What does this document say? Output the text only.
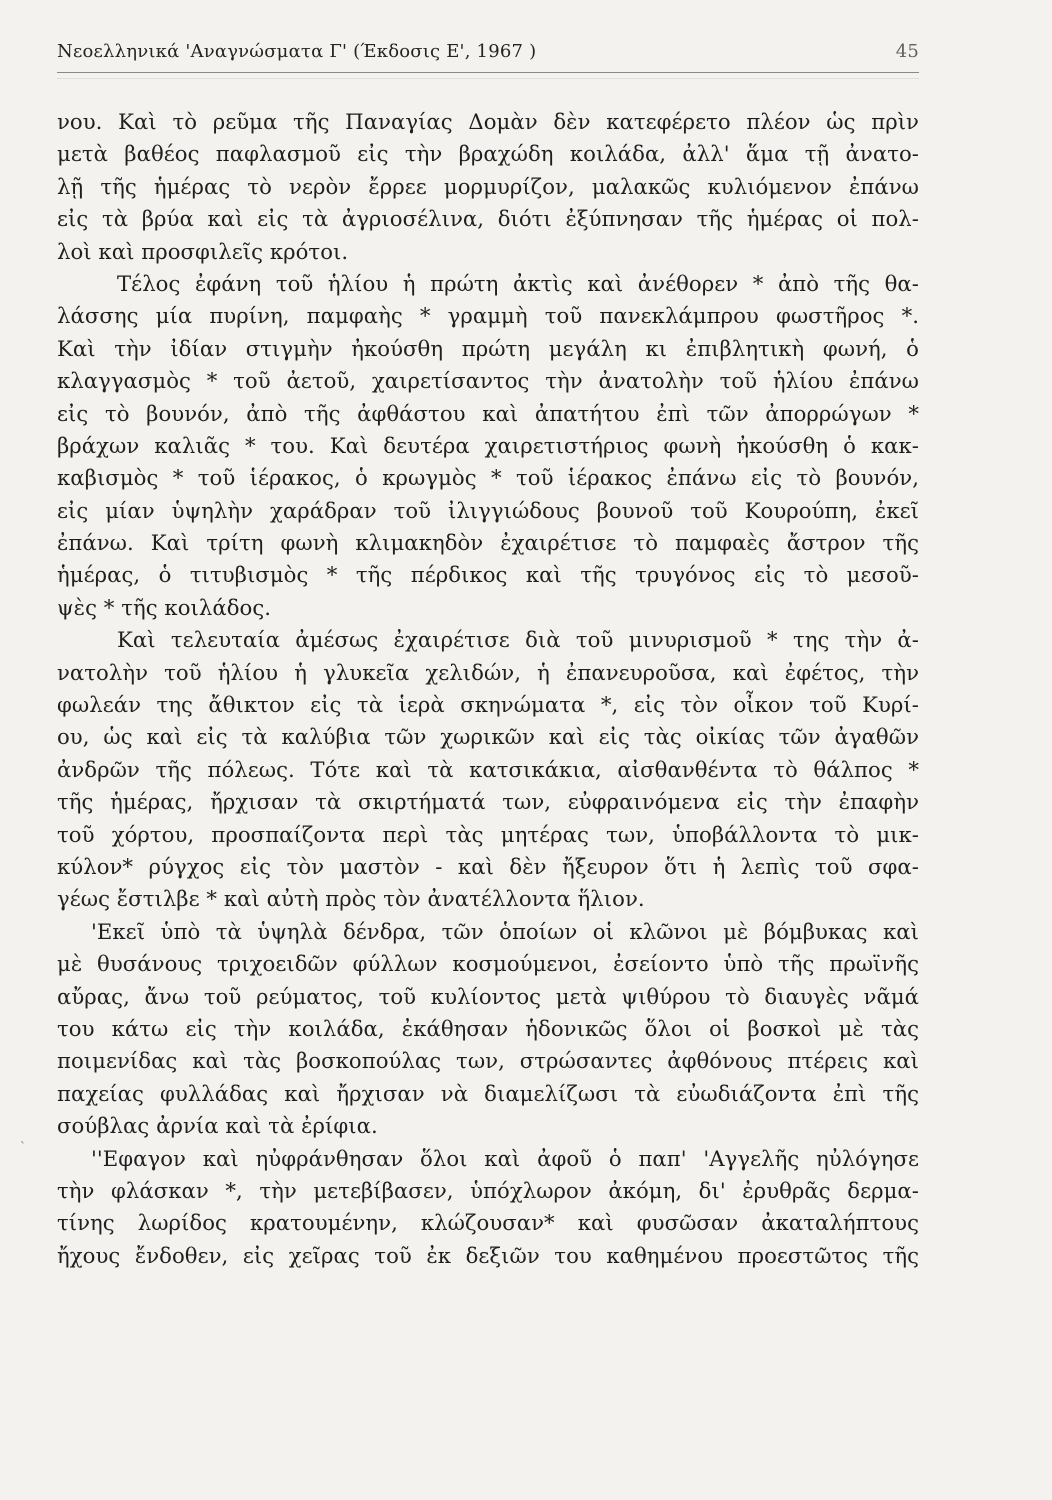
Νεοελληνικά 'Αναγνώσματα Γ' (Έκδοσις Ε', 1967 )	45
νου. Καὶ τὸ ρεῦμα τῆς Παναγίας Δομὰν δὲν κατεφέρετο πλέον ὡς πρὶν
μετὰ βαθέος παφλασμοῦ εἰς τὴν βραχώδη κοιλάδα, ἀλλ' ἅμα τῇ ἀνατο-
λῇ τῆς ἡμέρας τὸ νερὸν ἔρρεε μορμυρίζον, μαλακῶς κυλιόμενον ἐπάνω
εἰς τὰ βρύα καὶ εἰς τὰ ἀγριοσέλινα, διότι ἐξύπνησαν τῆς ἡμέρας οἱ πολ-
λοὶ καὶ προσφιλεῖς κρότοι.
Τέλος ἐφάνη τοῦ ἡλίου ἡ πρώτη ἀκτὶς καὶ ἀνέθορεν * ἀπὸ τῆς θα-
λάσσης μία πυρίνη, παμφαὴς * γραμμὴ τοῦ πανεκλάμπρου φωστῆρος *.
Καὶ τὴν ἰδίαν στιγμὴν ἠκούσθη πρώτη μεγάλη κι ἐπιβλητικὴ φωνή, ὁ
κλαγγασμὸς * τοῦ ἀετοῦ, χαιρετίσαντος τὴν ἀνατολὴν τοῦ ἡλίου ἐπάνω
εἰς τὸ βουνόν, ἀπὸ τῆς ἀφθάστου καὶ ἀπατήτου ἐπὶ τῶν ἀπορρώγων *
βράχων καλιᾶς * του. Καὶ δευτέρα χαιρετιστήριος φωνὴ ἠκούσθη ὁ κακ-
καβισμὸς * τοῦ ἱέρακος, ὁ κρωγμὸς * τοῦ ἱέρακος ἐπάνω εἰς τὸ βουνόν,
εἰς μίαν ὑψηλὴν χαράδραν τοῦ ἰλιγγιώδους βουνοῦ τοῦ Κουρούπη, ἐκεῖ
ἐπάνω. Καὶ τρίτη φωνὴ κλιμακηδὸν ἐχαιρέτισε τὸ παμφαὲς ἄστρον τῆς
ἡμέρας, ὁ τιτυβισμὸς * τῆς πέρδικος καὶ τῆς τρυγόνος εἰς τὸ μεσοῦ-
ψὲς * τῆς κοιλάδος.
Καὶ τελευταία ἀμέσως ἐχαιρέτισε διὰ τοῦ μινυρισμοῦ * της τὴν ἀ-
νατολὴν τοῦ ἡλίου ἡ γλυκεῖα χελιδών, ἡ ἐπανευροῦσα, καὶ ἐφέτος, τὴν
φωλεάν της ἄθικτον εἰς τὰ ἱερὰ σκηνώματα *, εἰς τὸν οἶκον τοῦ Κυρί-
ου, ὡς καὶ εἰς τὰ καλύβια τῶν χωρικῶν καὶ εἰς τὰς οἰκίας τῶν ἀγαθῶν
ἀνδρῶν τῆς πόλεως. Τότε καὶ τὰ κατσικάκια, αἰσθανθέντα τὸ θάλπος *
τῆς ἡμέρας, ἤρχισαν τὰ σκιρτήματά των, εὐφραινόμενα εἰς τὴν ἐπαφὴν
τοῦ χόρτου, προσπαίζοντα περὶ τὰς μητέρας των, ὑποβάλλοντα τὸ μικ-
κύλον* ρύγχος εἰς τὸν μαστὸν - καὶ δὲν ἤξευρον ὅτι ἡ λεπὶς τοῦ σφα-
γέως ἔστιλβε * καὶ αὐτὴ πρὸς τὸν ἀνατέλλοντα ἥλιον.
'Εκεῖ ὑπὸ τὰ ὑψηλὰ δένδρα, τῶν ὁποίων οἱ κλῶνοι μὲ βόμβυκας καὶ
μὲ θυσάνους τριχοειδῶν φύλλων κοσμούμενοι, ἐσείοντο ὑπὸ τῆς πρωϊνῆς
αὔρας, ἄνω τοῦ ρεύματος, τοῦ κυλίοντος μετὰ ψιθύρου τὸ διαυγὲς νᾶμά
του κάτω εἰς τὴν κοιλάδα, ἐκάθησαν ἡδονικῶς ὅλοι οἱ βοσκοὶ μὲ τὰς
ποιμενίδας καὶ τὰς βοσκοπούλας των, στρώσαντες ἀφθόνους πτέρεις καὶ
παχείας φυλλάδας καὶ ἤρχισαν νὰ διαμελίζωσι τὰ εὐωδιάζοντα ἐπὶ τῆς
σούβλας ἀρνία καὶ τὰ ἐρίφια.
''Εφαγον καὶ ηὐφράνθησαν ὅλοι καὶ ἀφοῦ ὁ παπ' 'Αγγελῆς ηὐλόγησε
τὴν φλάσκαν *, τὴν μετεβίβασεν, ὑπόχλωρον ἀκόμη, δι' ἐρυθρᾶς δερμα-
τίνης λωρίδος κρατουμένην, κλώζουσαν* καὶ φυσῶσαν ἀκαταλήπτους
ἤχους ἔνδοθεν, εἰς χεῖρας τοῦ ἐκ δεξιῶν του καθημένου προεστῶτος τῆς
`
